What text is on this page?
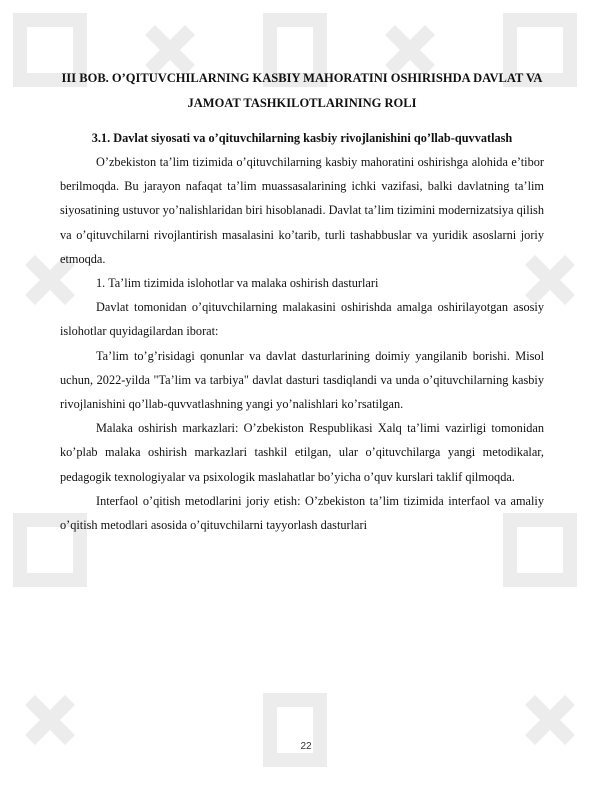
III BOB. O’QITUVCHILARNING KASBIY MAHORATINI OSHIRISHDA DAVLAT VA JAMOAT TASHKILOTLARINING ROLI
3.1. Davlat siyosati va o’qituvchilarning kasbiy rivojlanishini qo’llab-quvvatlash

O’zbekiston ta’lim tizimida o’qituvchilarning kasbiy mahoratini oshirishga alohida e’tibor berilmoqda. Bu jarayon nafaqat ta’lim muassasalarining ichki vazifasi, balki davlatning ta’lim siyosatining ustuvor yo’nalishlaridan biri hisoblanadi. Davlat ta’lim tizimini modernizatsiya qilish va o’qituvchilarni rivojlantirish masalasini ko’tarib, turli tashabbuslar va yuridik asoslarni joriy etmoqda.

1. Ta’lim tizimida islohotlar va malaka oshirish dasturlari

Davlat tomonidan o’qituvchilarning malakasini oshirishda amalga oshirilayotgan asosiy islohotlar quyidagilardan iborat:

Ta’lim to’g’risidagi qonunlar va davlat dasturlarining doimiy yangilanib borishi. Misol uchun, 2022-yilda "Ta’lim va tarbiya" davlat dasturi tasdiqlandi va unda o’qituvchilarning kasbiy rivojlanishini qo’llab-quvvatlashning yangi yo’nalishlari ko’rsatilgan.

Malaka oshirish markazlari: O’zbekiston Respublikasi Xalq ta’limi vazirligi tomonidan ko’plab malaka oshirish markazlari tashkil etilgan, ular o’qituvchilarga yangi metodikalar, pedagogik texnologiyalar va psixologik maslahatlar bo’yicha o’quv kurslari taklif qilmoqda.

Interfaol o’qitish metodlarini joriy etish: O’zbekiston ta’lim tizimida interfaol va amaliy o’qitish metodlari asosida o’qituvchilarni tayyorlash dasturlari

22
